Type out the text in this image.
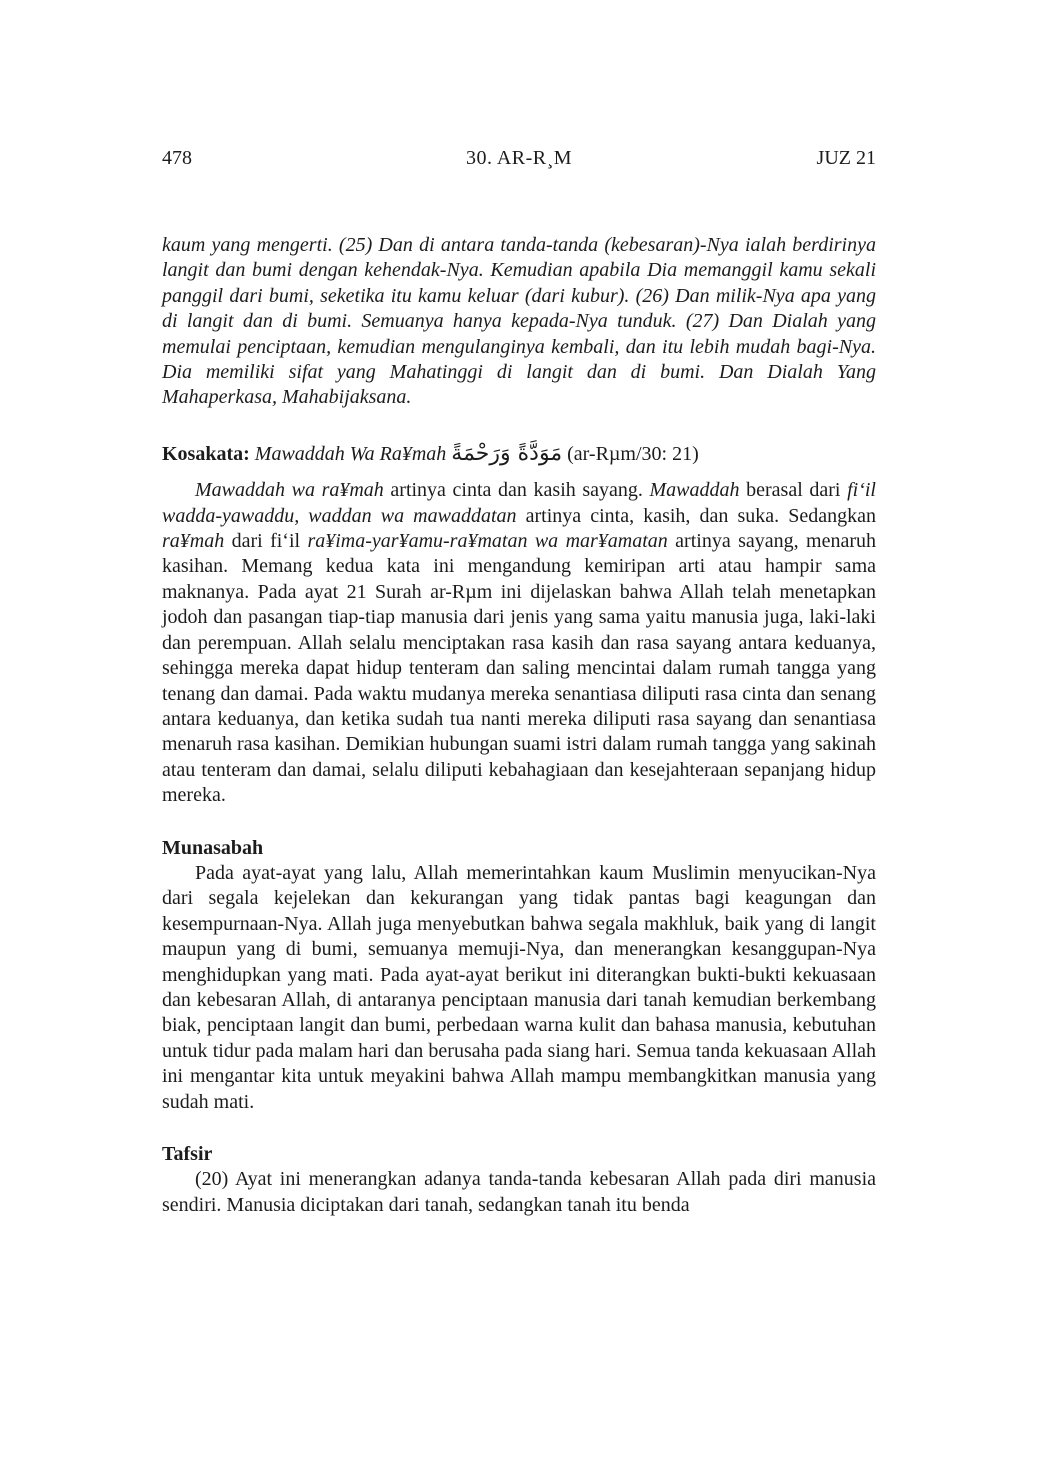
478	30. AR-R¸M	JUZ 21

kaum yang mengerti. (25) Dan di antara tanda-tanda (kebesaran)-Nya ialah berdirinya langit dan bumi dengan kehendak-Nya. Kemudian apabila Dia memanggil kamu sekali panggil dari bumi, seketika itu kamu keluar (dari kubur). (26) Dan milik-Nya apa yang di langit dan di bumi. Semuanya hanya kepada-Nya tunduk. (27) Dan Dialah yang memulai penciptaan, kemudian mengulanginya kembali, dan itu lebih mudah bagi-Nya. Dia memiliki sifat yang Mahatinggi di langit dan di bumi. Dan Dialah Yang Mahaperkasa, Mahabijaksana.

Kosakata: Mawaddah Wa Ra¥mah مَوَدَّةً وَرَحْمَةً (ar-Rµm/30: 21)

Mawaddah wa ra¥mah artinya cinta dan kasih sayang. Mawaddah berasal dari fi‘il wadda-yawaddu, waddan wa mawaddatan artinya cinta, kasih, dan suka. Sedangkan ra¥mah dari fi‘il ra¥ima-yar¥amu-ra¥matan wa mar¥amatan artinya sayang, menaruh kasihan. Memang kedua kata ini mengandung kemiripan arti atau hampir sama maknanya. Pada ayat 21 Surah ar-Rµm ini dijelaskan bahwa Allah telah menetapkan jodoh dan pasangan tiap-tiap manusia dari jenis yang sama yaitu manusia juga, laki-laki dan perempuan. Allah selalu menciptakan rasa kasih dan rasa sayang antara keduanya, sehingga mereka dapat hidup tenteram dan saling mencintai dalam rumah tangga yang tenang dan damai. Pada waktu mudanya mereka senantiasa diliputi rasa cinta dan senang antara keduanya, dan ketika sudah tua nanti mereka diliputi rasa sayang dan senantiasa menaruh rasa kasihan. Demikian hubungan suami istri dalam rumah tangga yang sakinah atau tenteram dan damai, selalu diliputi kebahagiaan dan kesejahteraan sepanjang hidup mereka.

Munasabah

Pada ayat-ayat yang lalu, Allah memerintahkan kaum Muslimin menyucikan-Nya dari segala kejelekan dan kekurangan yang tidak pantas bagi keagungan dan kesempurnaan-Nya. Allah juga menyebutkan bahwa segala makhluk, baik yang di langit maupun yang di bumi, semuanya memuji-Nya, dan menerangkan kesanggupan-Nya menghidupkan yang mati. Pada ayat-ayat berikut ini diterangkan bukti-bukti kekuasaan dan kebesaran Allah, di antaranya penciptaan manusia dari tanah kemudian berkembang biak, penciptaan langit dan bumi, perbedaan warna kulit dan bahasa manusia, kebutuhan untuk tidur pada malam hari dan berusaha pada siang hari. Semua tanda kekuasaan Allah ini mengantar kita untuk meyakini bahwa Allah mampu membangkitkan manusia yang sudah mati.

Tafsir

(20) Ayat ini menerangkan adanya tanda-tanda kebesaran Allah pada diri manusia sendiri. Manusia diciptakan dari tanah, sedangkan tanah itu benda
